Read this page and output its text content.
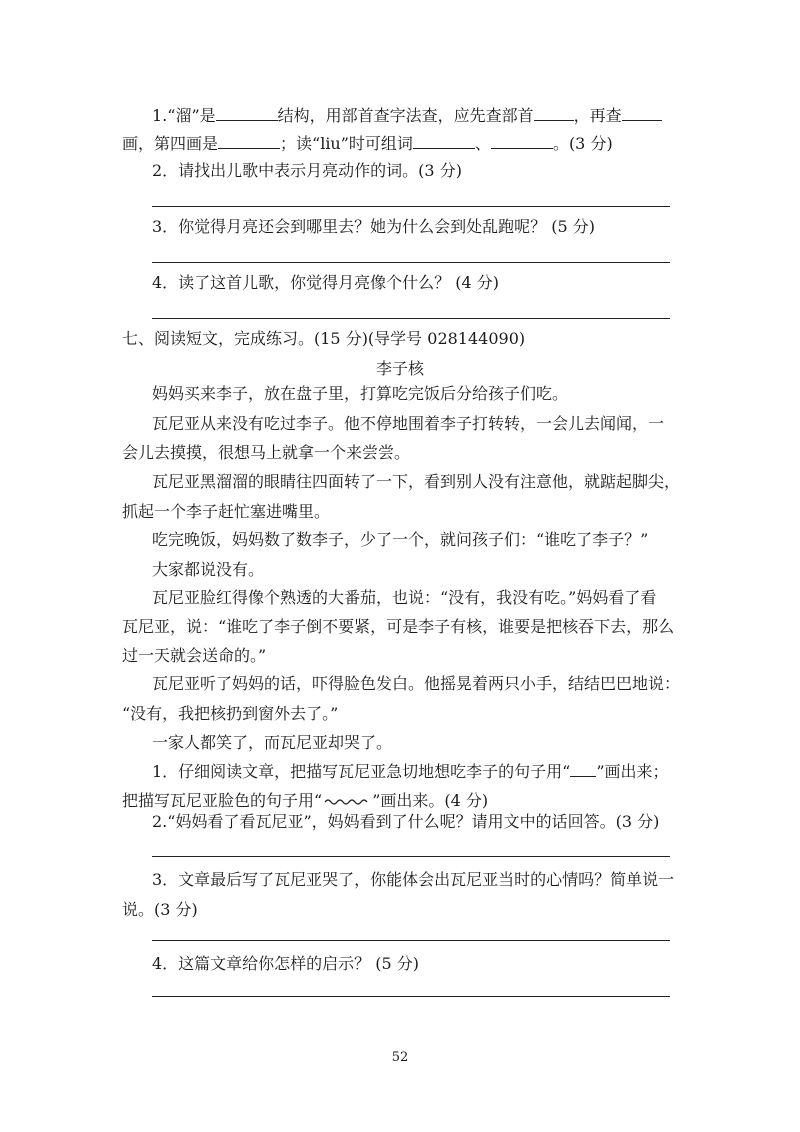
1.“溜”是	结构，用部首查字法查，应先查部首	，再查
画，第四画是	；读“liu”时可组词	、	。(3 分)
2．请找出儿歌中表示月亮动作的词。(3 分)
3．你觉得月亮还会到哪里去？她为什么会到处乱跑呢？ (5 分)
4．读了这首儿歌，你觉得月亮像个什么？ (4 分)
七、阅读短文，完成练习。(15 分)(导学号 028144090)
李子核
妈妈买来李子，放在盘子里，打算吃完饭后分给孩子们吃。
瓦尼亚从来没有吃过李子。他不停地围着李子打转转，一会儿去闻闻，一
会儿去摸摸，很想马上就拿一个来尝尝。
瓦尼亚黑溜溜的眼睛往四面转了一下，看到别人没有注意他，就踮起脚尖，
抓起一个李子赶忙塞进嘴里。
吃完晚饭，妈妈数了数李子，少了一个，就问孩子们：“谁吃了李子？”
大家都说没有。
瓦尼亚脸红得像个熟透的大番茄，也说：“没有，我没有吃。”妈妈看了看
瓦尼亚，说：“谁吃了李子倒不要紧，可是李子有核，谁要是把核吞下去，那么
过一天就会送命的。”
瓦尼亚听了妈妈的话，吓得脸色发白。他摇晃着两只小手，结结巴巴地说：
“没有，我把核扔到窗外去了。”
一家人都笑了，而瓦尼亚却哭了。
1．仔细阅读文章，把描写瓦尼亚急切地想吃李子的句子用“ ”画出来；
把描写瓦尼亚脸色的句子用“	”画出来。(4 分)
2.“妈妈看了看瓦尼亚”，妈妈看到了什么呢？请用文中的话回答。(3 分)
3．文章最后写了瓦尼亚哭了，你能体会出瓦尼亚当时的心情吗？简单说一
说。(3 分)
4．这篇文章给你怎样的启示？ (5 分)
52
